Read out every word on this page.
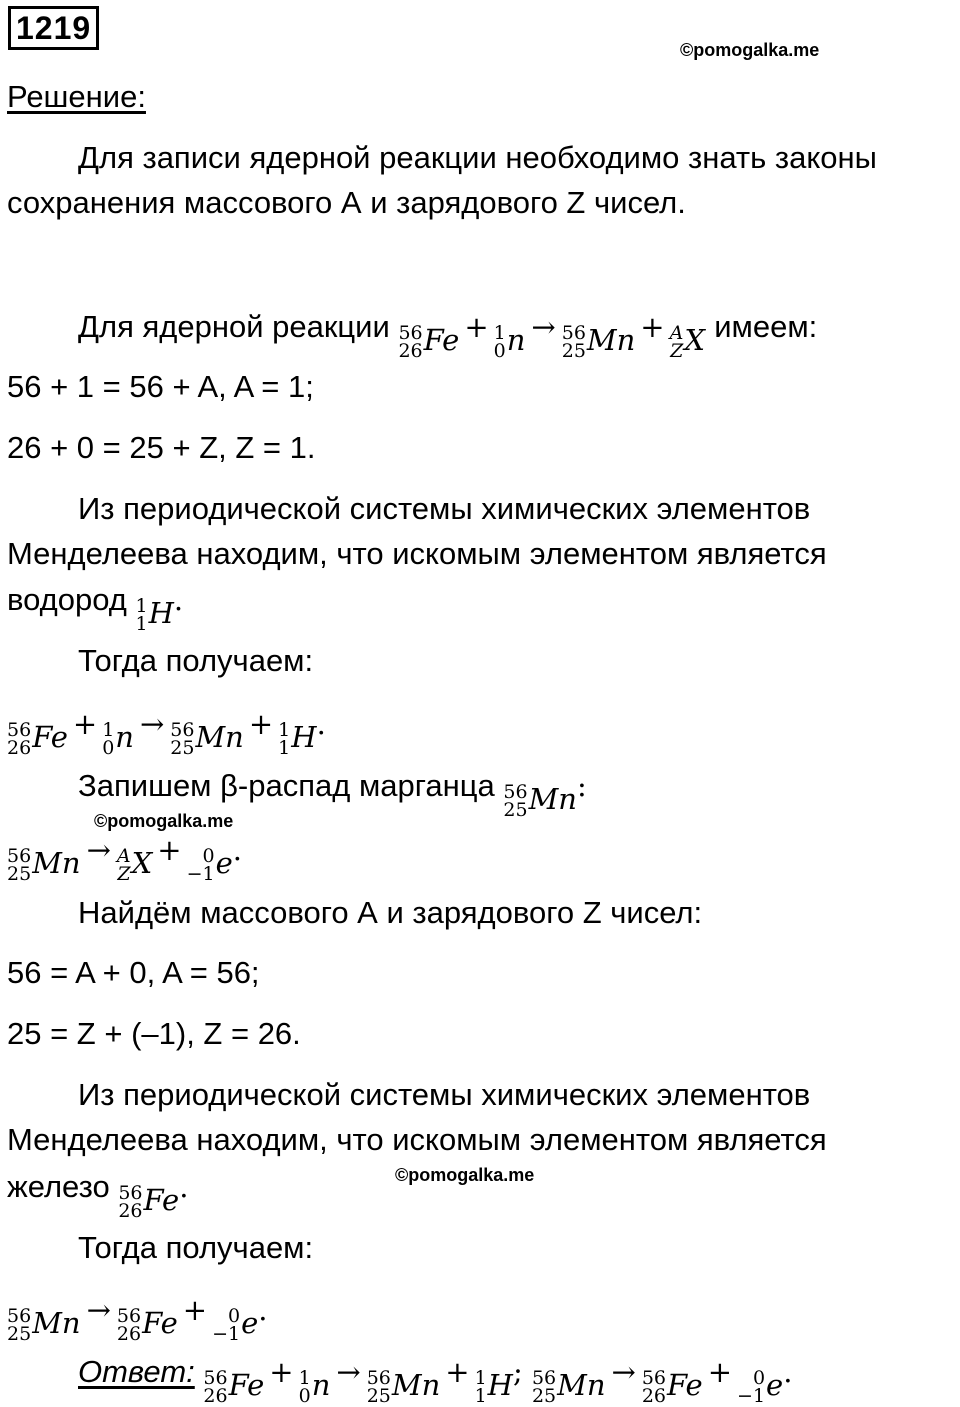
1219
©pomogalka.me
Решение:
Для записи ядерной реакции необходимо знать законы
сохранения массового А и зарядового Z чисел.
Для ядерной реакции 56
26 Fe + 1
0 n → 56
25 Mn + A
Z X имеем:
56 + 1 = 56 + A, A = 1;
26 + 0 = 25 + Z, Z = 1.
Из периодической системы химических элементов
Менделеева находим, что искомым элементом является
водород 1
1 H .
Тогда получаем:
56
26 Fe + 1
0 n → 56
25 Mn + 1
1 H .
Запишем β-распад марганца 56
25 Mn :
©pomogalka.me
56
25 Mn → A
Z X + 0
−1 e .
Найдём массового А и зарядового Z чисел:
56 = A + 0, A = 56;
25 = Z + (–1), Z = 26.
Из периодической системы химических элементов
Менделеева находим, что искомым элементом является
железо 56
26 Fe .	©pomogalka.me
Тогда получаем:
56
25 Mn → 56
26 Fe + 0
−1 e .
Ответ: 56
26 Fe + 1
0 n → 56
25 Mn + 1
1 H ; 56
25 Mn → 56
26 Fe + 0
−1 e .
